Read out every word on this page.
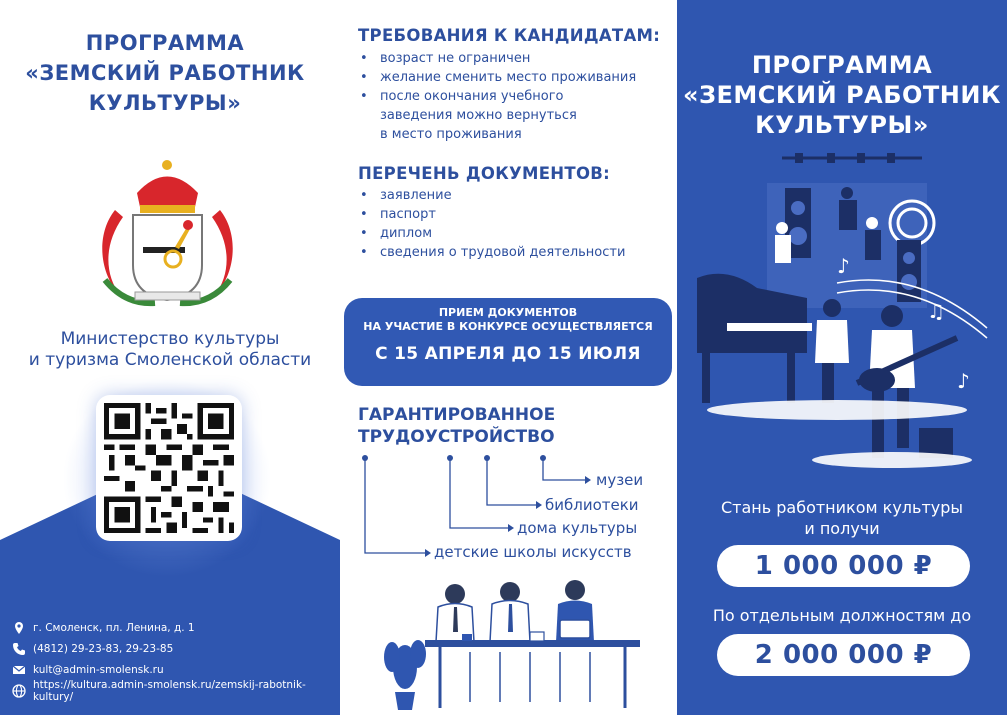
ПРОГРАММА
«ЗЕМСКИЙ РАБОТНИК
КУЛЬТУРЫ»
Министерство культуры
и туризма Смоленской области
г. Смоленск, пл. Ленина, д. 1
(4812) 29-23-83, 29-23-85
kult@admin-smolensk.ru
https://kultura.admin-smolensk.ru/zemskij-rabotnik-kultury/
ТРЕБОВАНИЯ К КАНДИДАТАМ:
• возраст не ограничен
• желание сменить место проживания
• после окончания учебного
заведения можно вернуться
в место проживания
ПЕРЕЧЕНЬ ДОКУМЕНТОВ:
• заявление
• паспорт
• диплом
• сведения о трудовой деятельности
ПРИЕМ ДОКУМЕНТОВ
НА УЧАСТИЕ В КОНКУРСЕ ОСУЩЕСТВЛЯЕТСЯ
С 15 АПРЕЛЯ ДО 15 ИЮЛЯ
ГАРАНТИРОВАННОЕ
ТРУДОУСТРОЙСТВО
музеи
библиотеки
дома культуры
детские школы искусств
ПРОГРАММА
«ЗЕМСКИЙ РАБОТНИК
КУЛЬТУРЫ»
♫
♪
♪
Стань работником культуры
и получи
1 000 000 ₽
По отдельным должностям до
2 000 000 ₽
